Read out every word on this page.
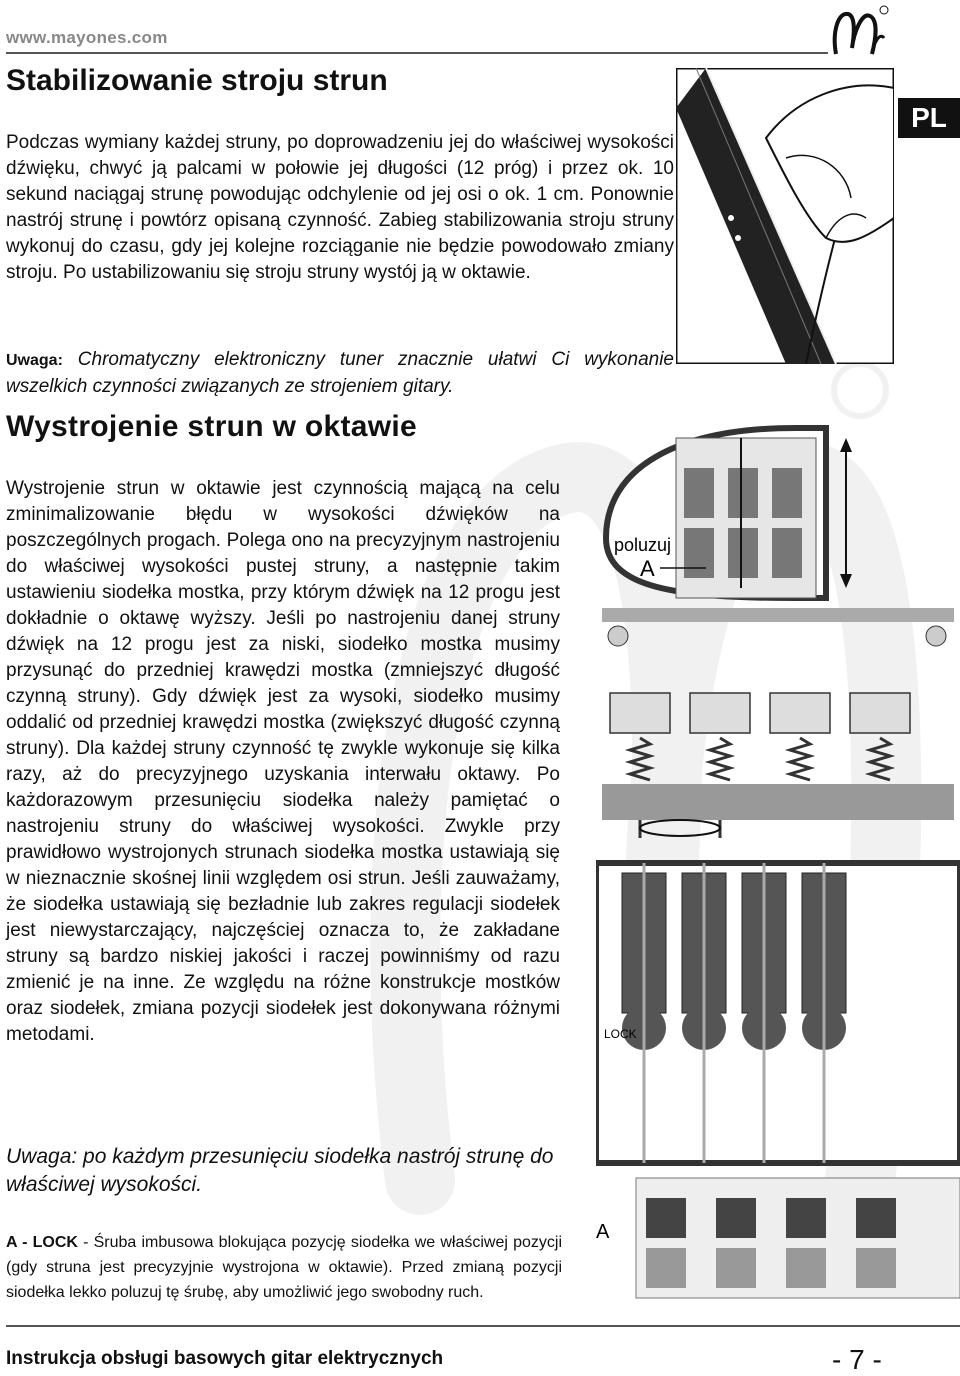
www.mayones.com
PL
Stabilizowanie stroju strun

Podczas wymiany każdej struny, po doprowadzeniu jej do właściwej wysokości dźwięku, chwyć ją palcami w połowie jej długości (12 próg) i przez ok. 10 sekund naciągaj strunę powodując odchylenie od jej osi o ok. 1 cm. Ponownie nastrój strunę i powtórz opisaną czynność. Zabieg stabilizowania stroju struny wykonuj do czasu, gdy jej kolejne rozciąganie nie będzie powodowało zmiany stroju. Po ustabilizowaniu się stroju struny wystój ją w oktawie.

Uwaga: Chromatyczny elektroniczny tuner znacznie ułatwi Ci wykonanie wszelkich czynności związanych ze strojeniem gitary.

Wystrojenie strun w oktawie

Wystrojenie strun w oktawie jest czynnością mającą na celu zminimalizowanie błędu w wysokości dźwięków na poszczególnych progach. Polega ono na precyzyjnym nastrojeniu do właściwej wysokości pustej struny, a następnie takim ustawieniu siodełka mostka, przy którym dźwięk na 12 progu jest dokładnie o oktawę wyższy. Jeśli po nastrojeniu danej struny dźwięk na 12 progu jest za niski, siodełko mostka musimy przysunąć do przedniej krawędzi mostka (zmniejszyć długość czynną struny). Gdy dźwięk jest za wysoki, siodełko musimy oddalić od przedniej krawędzi mostka (zwiększyć długość czynną struny). Dla każdej struny czynność tę zwykle wykonuje się kilka razy, aż do precyzyjnego uzyskania interwału oktawy. Po każdorazowym przesunięciu siodełka należy pamiętać o nastrojeniu struny do właściwej wysokości. Zwykle przy prawidłowo wystrojonych strunach siodełka mostka ustawiają się w nieznacznie skośnej linii względem osi strun. Jeśli zauważamy, że siodełka ustawiają się bezładnie lub zakres regulacji siodełek jest niewystarczający, najczęściej oznacza to, że zakładane struny są bardzo niskiej jakości i raczej powinniśmy od razu zmienić je na inne. Ze względu na różne konstrukcje mostków oraz siodełek, zmiana pozycji siodełek jest dokonywana różnymi metodami.

Uwaga: po każdym przesunięciu siodełka nastrój strunę do właściwej wysokości.

poluzuj
A
LOCK
A

A - LOCK - Śruba imbusowa blokująca pozycję siodełka we właściwej pozycji (gdy struna jest precyzyjnie wystrojona w oktawie). Przed zmianą pozycji siodełka lekko poluzuj tę śrubę, aby umożliwić jego swobodny ruch.

Instrukcja obsługi basowych gitar elektrycznych	- 7 -
